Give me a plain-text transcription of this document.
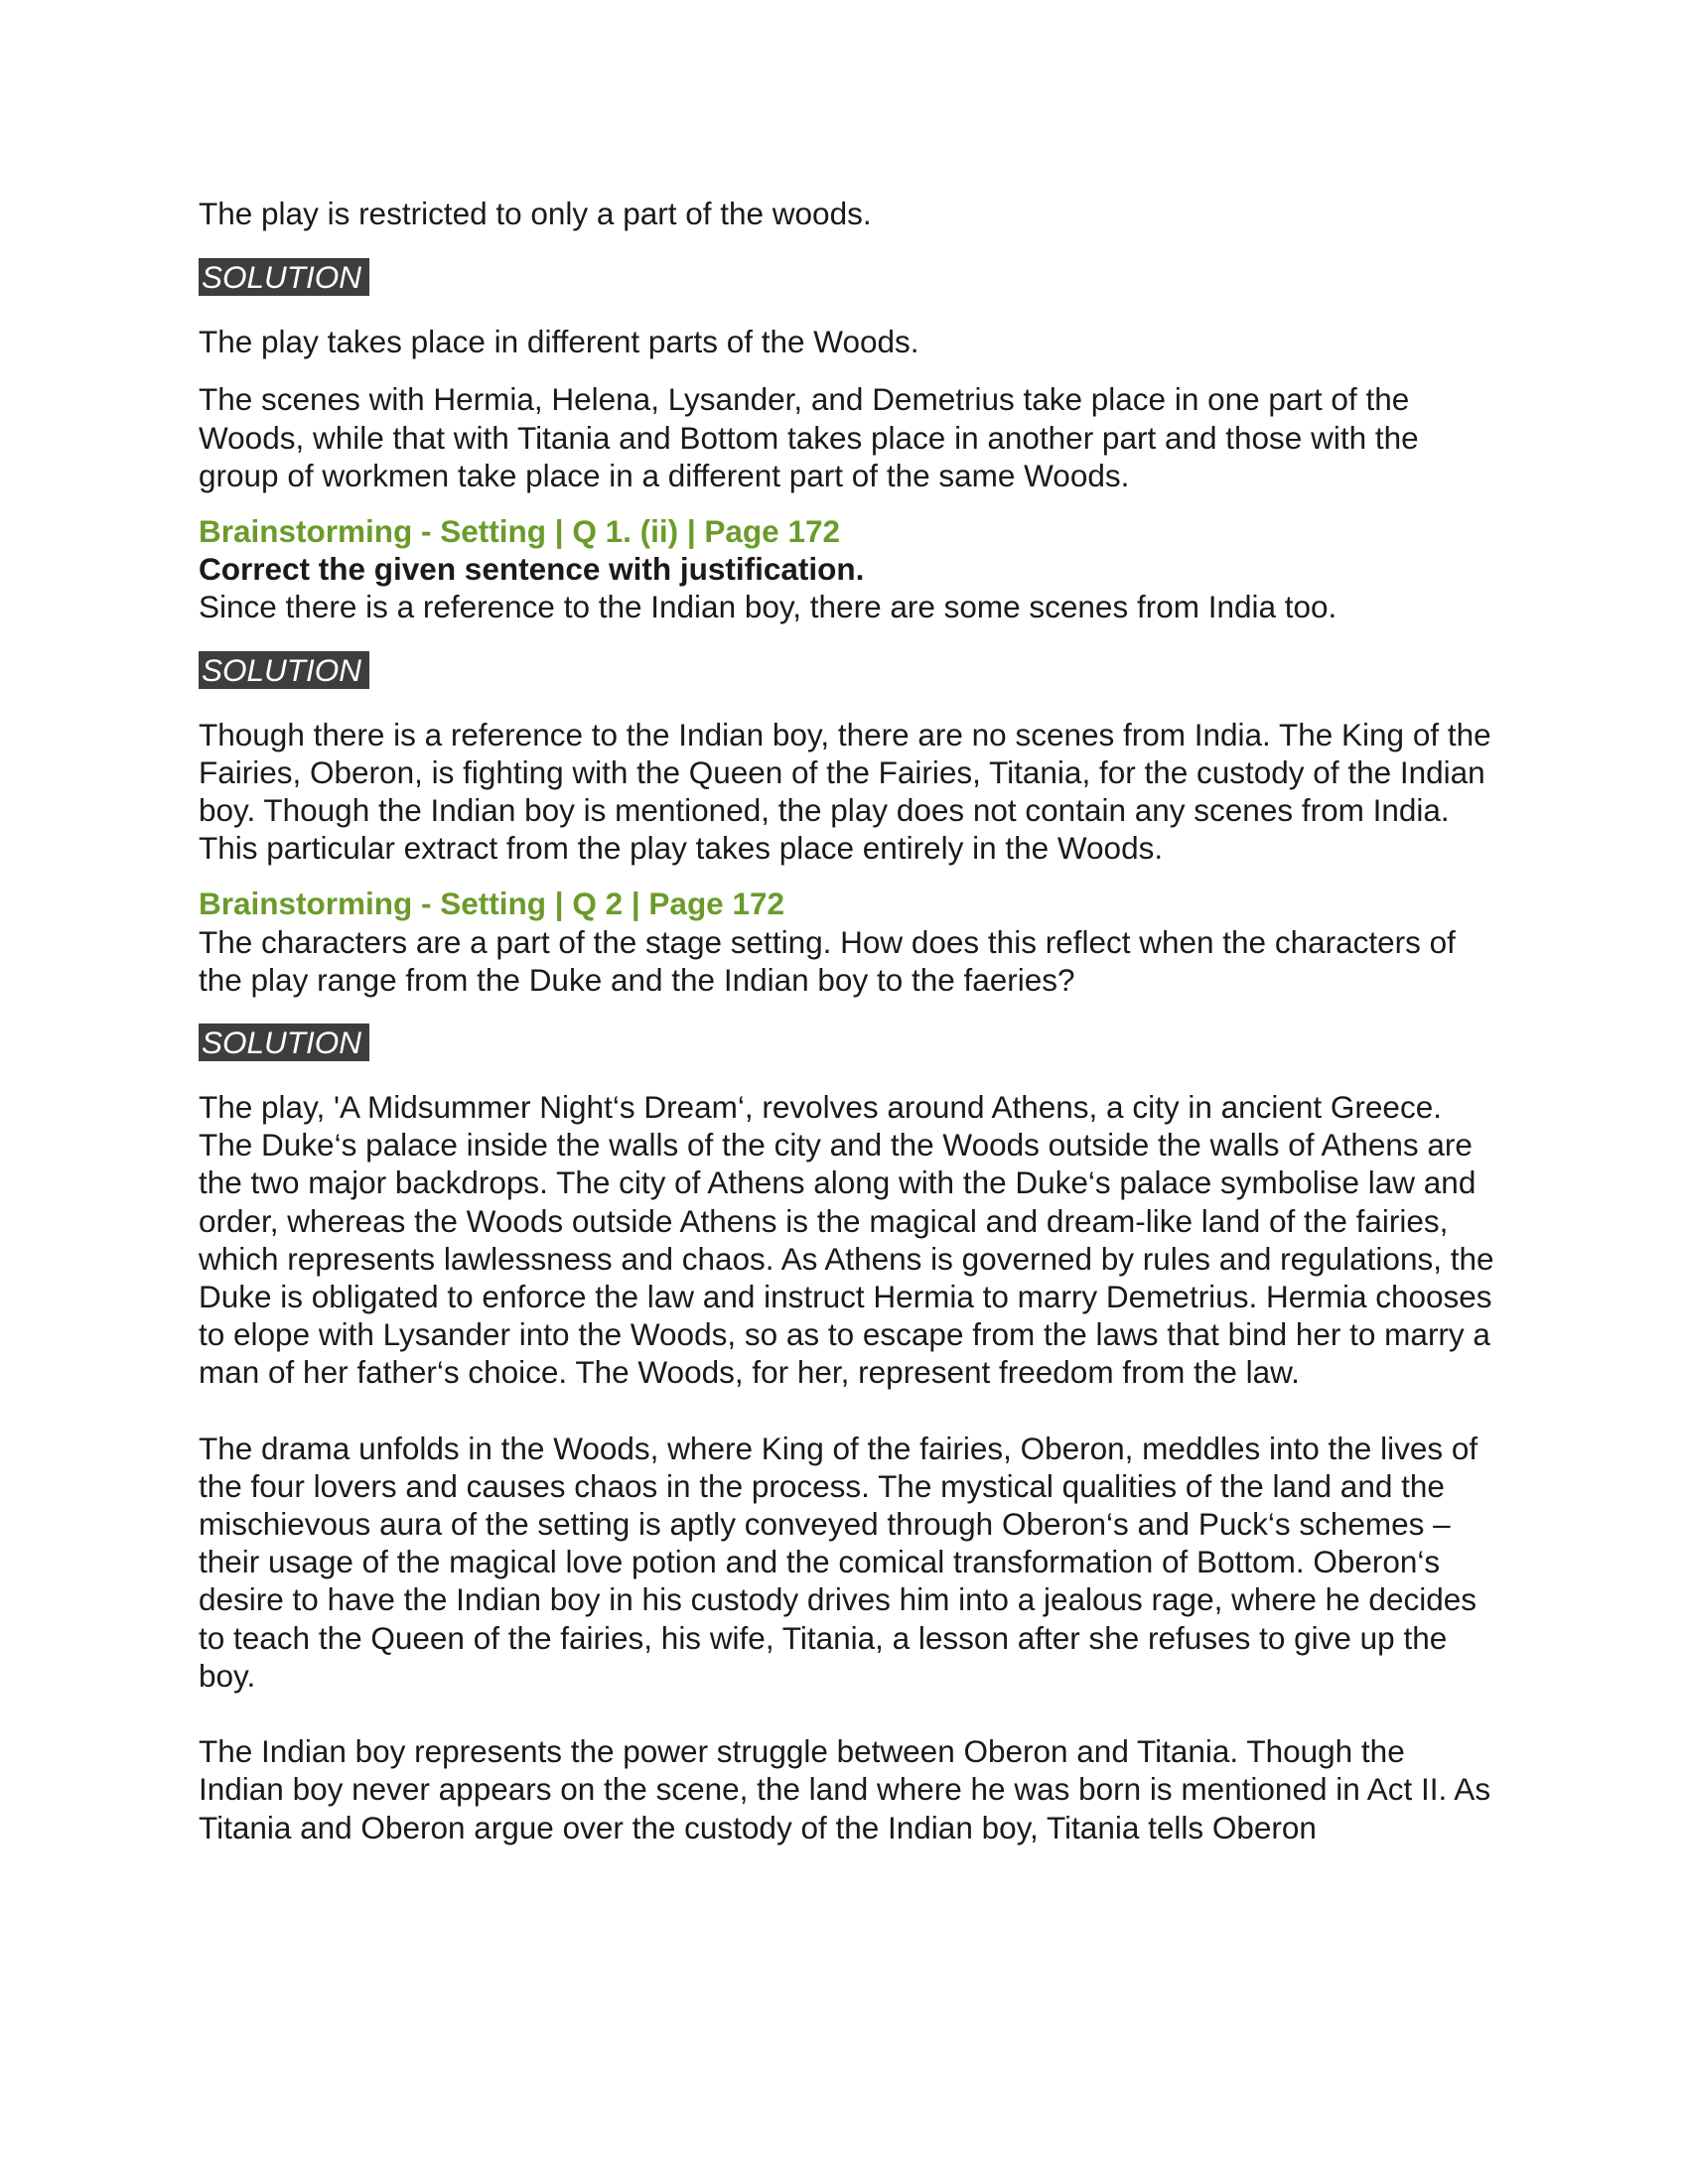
The play is restricted to only a part of the woods.

SOLUTION

The play takes place in different parts of the Woods.

The scenes with Hermia, Helena, Lysander, and Demetrius take place in one part of the Woods, while that with Titania and Bottom takes place in another part and those with the group of workmen take place in a different part of the same Woods.

Brainstorming - Setting | Q 1. (ii) | Page 172

Correct the given sentence with justification.

Since there is a reference to the Indian boy, there are some scenes from India too.

SOLUTION

Though there is a reference to the Indian boy, there are no scenes from India. The King of the Fairies, Oberon, is fighting with the Queen of the Fairies, Titania, for the custody of the Indian boy. Though the Indian boy is mentioned, the play does not contain any scenes from India. This particular extract from the play takes place entirely in the Woods.

Brainstorming - Setting | Q 2 | Page 172

The characters are a part of the stage setting. How does this reflect when the characters of the play range from the Duke and the Indian boy to the faeries?

SOLUTION

The play, 'A Midsummer Night‘s Dream‘, revolves around Athens, a city in ancient Greece. The Duke‘s palace inside the walls of the city and the Woods outside the walls of Athens are the two major backdrops. The city of Athens along with the Duke‘s palace symbolise law and order, whereas the Woods outside Athens is the magical and dream-like land of the fairies, which represents lawlessness and chaos. As Athens is governed by rules and regulations, the Duke is obligated to enforce the law and instruct Hermia to marry Demetrius. Hermia chooses to elope with Lysander into the Woods, so as to escape from the laws that bind her to marry a man of her father‘s choice. The Woods, for her, represent freedom from the law.

The drama unfolds in the Woods, where King of the fairies, Oberon, meddles into the lives of the four lovers and causes chaos in the process. The mystical qualities of the land and the mischievous aura of the setting is aptly conveyed through Oberon‘s and Puck‘s schemes – their usage of the magical love potion and the comical transformation of Bottom. Oberon‘s desire to have the Indian boy in his custody drives him into a jealous rage, where he decides to teach the Queen of the fairies, his wife, Titania, a lesson after she refuses to give up the boy.

The Indian boy represents the power struggle between Oberon and Titania. Though the Indian boy never appears on the scene, the land where he was born is mentioned in Act II. As Titania and Oberon argue over the custody of the Indian boy, Titania tells Oberon
